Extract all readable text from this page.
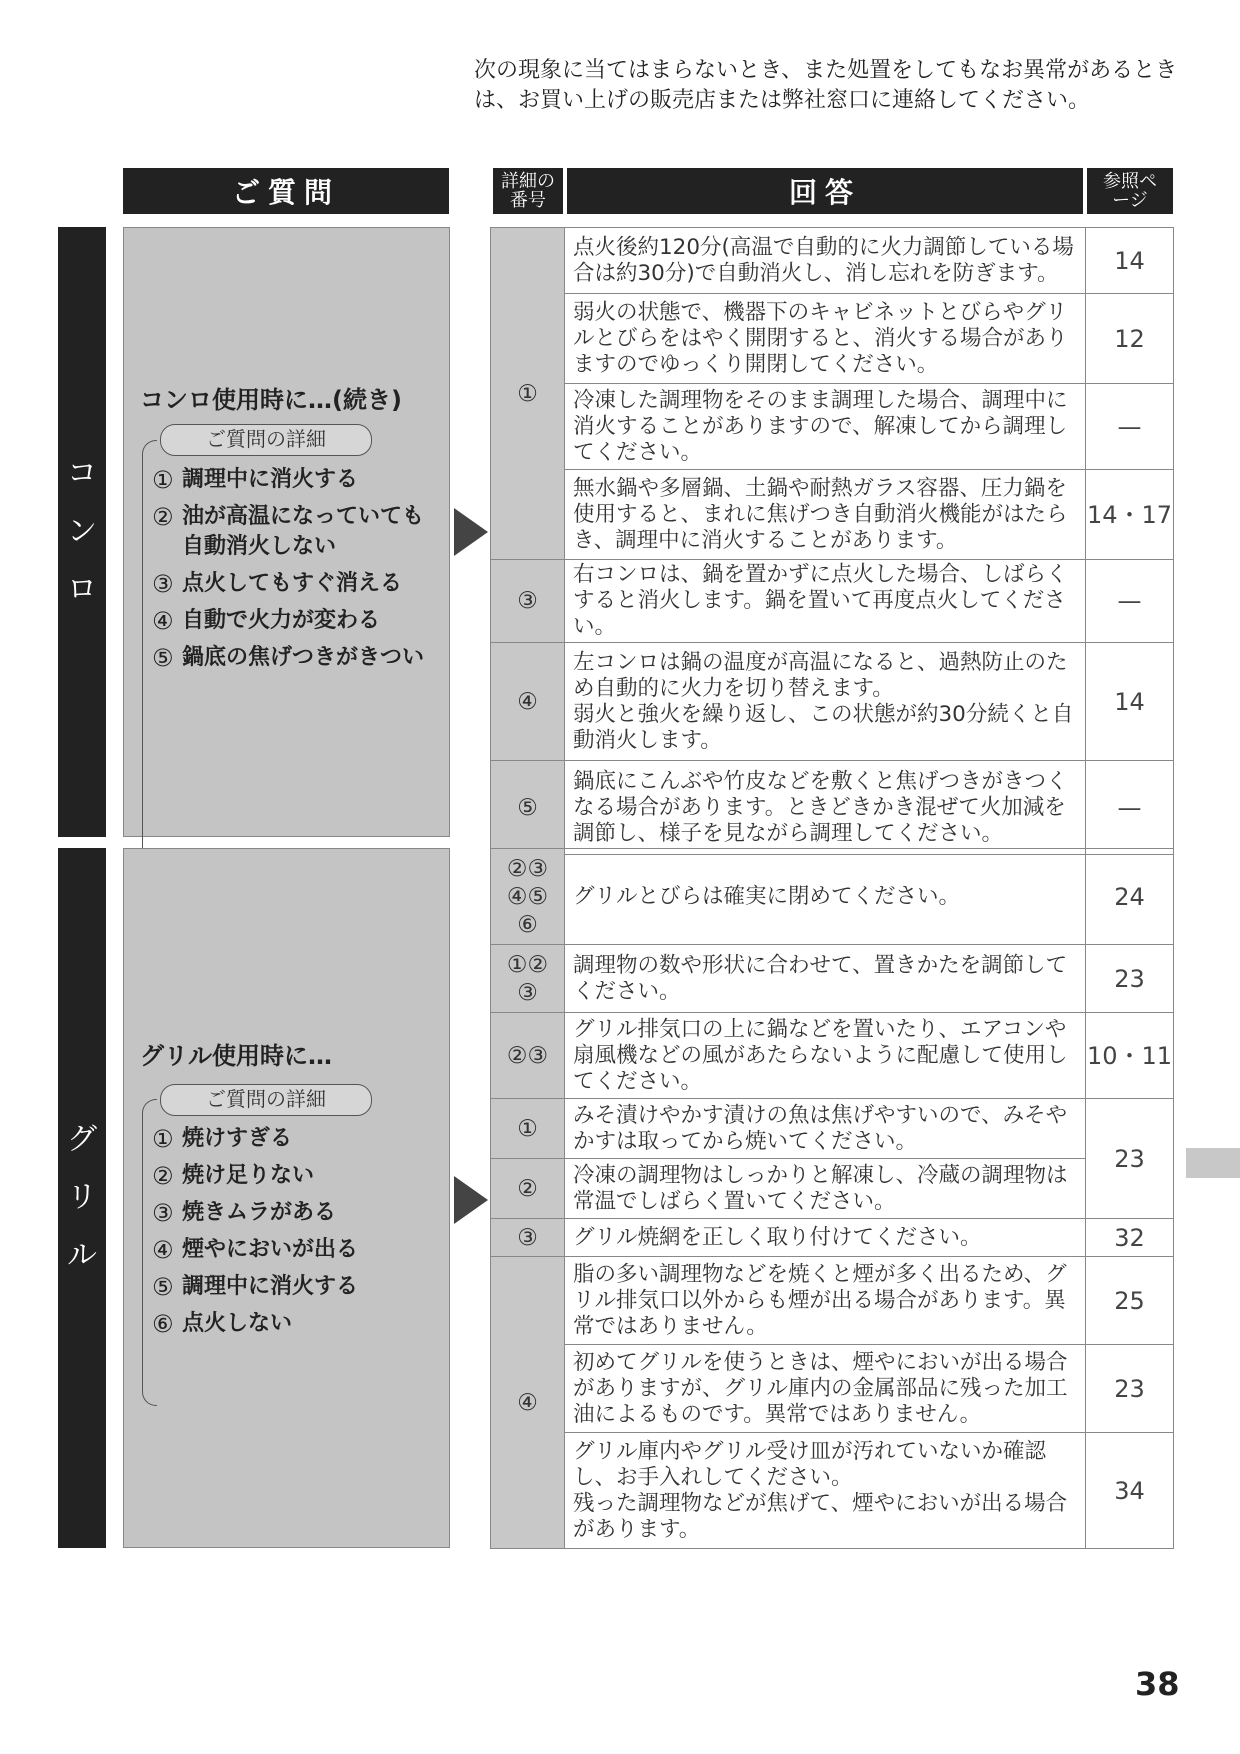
次の現象に当てはまらないとき、また処置をしてもなお異常があるときは、お買い上げの販売店または弊社窓口に連絡してください。
ご質問	詳細の番号	回答	参照ページ
コ
ン
ロ
コンロ使用時に…(続き)
ご質問の詳細
① 調理中に消火する
② 油が高温になっていても自動消火しない
③ 点火してもすぐ消える
④ 自動で火力が変わる
⑤ 鍋底の焦げつきがきつい
①	点火後約120分(高温で自動的に火力調節している場合は約30分)で自動消火し、消し忘れを防ぎます。	14
	弱火の状態で、機器下のキャビネットとびらやグリルとびらをはやく開閉すると、消火する場合がありますのでゆっくり開閉してください。	12
	冷凍した調理物をそのまま調理した場合、調理中に消火することがありますので、解凍してから調理してください。	—
	無水鍋や多層鍋、土鍋や耐熱ガラス容器、圧力鍋を使用すると、まれに焦げつき自動消火機能がはたらき、調理中に消火することがあります。	14・17
③	右コンロは、鍋を置かずに点火した場合、しばらくすると消火します。鍋を置いて再度点火してください。	—
④	左コンロは鍋の温度が高温になると、過熱防止のため自動的に火力を切り替えます。
弱火と強火を繰り返し、この状態が約30分続くと自動消火します。	14
⑤	鍋底にこんぶや竹皮などを敷くと焦げつきがきつくなる場合があります。ときどきかき混ぜて火加減を調節し、様子を見ながら調理してください。	—
グ
リ
ル
グリル使用時に…
ご質問の詳細
① 焼けすぎる
② 焼け足りない
③ 焼きムラがある
④ 煙やにおいが出る
⑤ 調理中に消火する
⑥ 点火しない
②③
④⑤
⑥	グリルとびらは確実に閉めてください。	24
①②
③	調理物の数や形状に合わせて、置きかたを調節してください。	23
②③	グリル排気口の上に鍋などを置いたり、エアコンや扇風機などの風があたらないように配慮して使用してください。	10・11
①	みそ漬けやかす漬けの魚は焦げやすいので、みそやかすは取ってから焼いてください。	23
②	冷凍の調理物はしっかりと解凍し、冷蔵の調理物は常温でしばらく置いてください。	
③	グリル焼網を正しく取り付けてください。	32
④	脂の多い調理物などを焼くと煙が多く出るため、グリル排気口以外からも煙が出る場合があります。異常ではありません。	25
	初めてグリルを使うときは、煙やにおいが出る場合がありますが、グリル庫内の金属部品に残った加工油によるものです。異常ではありません。	23
	グリル庫内やグリル受け皿が汚れていないか確認し、お手入れしてください。
残った調理物などが焦げて、煙やにおいが出る場合があります。	34
38
